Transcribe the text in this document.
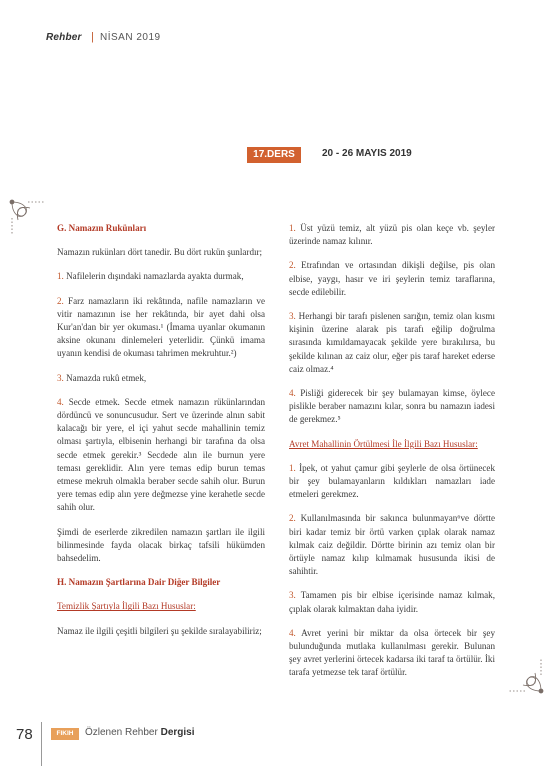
Rehber | NİSAN 2019
17.DERS	20 - 26 MAYIS 2019

G. Namazın Rukünları

Namazın rukünları dört tanedir. Bu dört rukün şunlardır;

1. Nafilelerin dışındaki namazlarda ayakta durmak,

2. Farz namazların iki rekâtında, nafile namazların ve vitir namazının ise her rekâtında, bir ayet dahi olsa Kur'an'dan bir yer okuması.¹ (İmama uyanlar okumanın aksine okunanı dinlemeleri yeterlidir. Çünkü imama uyanın kendisi de okuması tahrimen mekruhtur.²)

3. Namazda rukû etmek,

4. Secde etmek. Secde etmek namazın rükünlarından dördüncü ve sonuncusudur. Sert ve üzerinde alnın sabit kalacağı bir yere, el içi yahut secde mahallinin temiz olması şartıyla, elbisenin herhangi bir tarafına da olsa secde etmek gerekir.³ Secdede alın ile burnun yere teması gereklidir. Alın yere temas edip burun temas etmese mekruh olmakla beraber secde sahih olur. Burun yere temas edip alın yere değmezse yine kerahetle secde sahih olur.

Şimdi de eserlerde zikredilen namazın şartları ile ilgili bilinmesinde fayda olacak birkaç tafsili hükümden bahsedelim.

H. Namazın Şartlarına Dair Diğer Bilgiler

Temizlik Şartıyla İlgili Bazı Hususlar:

Namaz ile ilgili çeşitli bilgileri şu şekilde sıralayabiliriz;

1. Üst yüzü temiz, alt yüzü pis olan keçe vb. şeyler üzerinde namaz kılınır.

2. Etrafından ve ortasından dikişli değilse, pis olan elbise, yaygı, hasır ve iri şeylerin temiz taraflarına, secde edilebilir.

3. Herhangi bir tarafı pislenen sarığın, temiz olan kısmı kişinin üzerine alarak pis tarafı eğilip doğrulma sırasında kımıldamayacak şekilde yere bırakılırsa, bu şekilde kılınan az caiz olur, eğer pis taraf hareket ederse caiz olmaz.⁴

4. Pisliği giderecek bir şey bulamayan kimse, öylece pislikle beraber namazını kılar, sonra bu namazın iadesi de gerekmez.⁵

Avret Mahallinin Örtülmesi İle İlgili Bazı Hususlar:

1. İpek, ot yahut çamur gibi şeylerle de olsa örtünecek bir şey bulamayanların kıldıkları namazları iade etmeleri gerekmez.

2. Kullanılmasında bir sakınca bulunmayan⁶ve dörtte biri kadar temiz bir örtü varken çıplak olarak namaz kılmak caiz değildir. Dörtte birinin azı temiz olan bir örtüyle namaz kılıp kılmamak hususunda ikisi de sahihtir.

3. Tamamen pis bir elbise içerisinde namaz kılmak, çıplak olarak kılmaktan daha iyidir.

4. Avret yerini bir miktar da olsa örtecek bir şey bulunduğunda mutlaka kullanılması gerekir. Bulunan şey avret yerlerini örtecek kadarsa iki taraf ta örtülür. İki tarafa yetmezse tek taraf örtülür.

78	FIKIH	Özlenen Rehber Dergisi
